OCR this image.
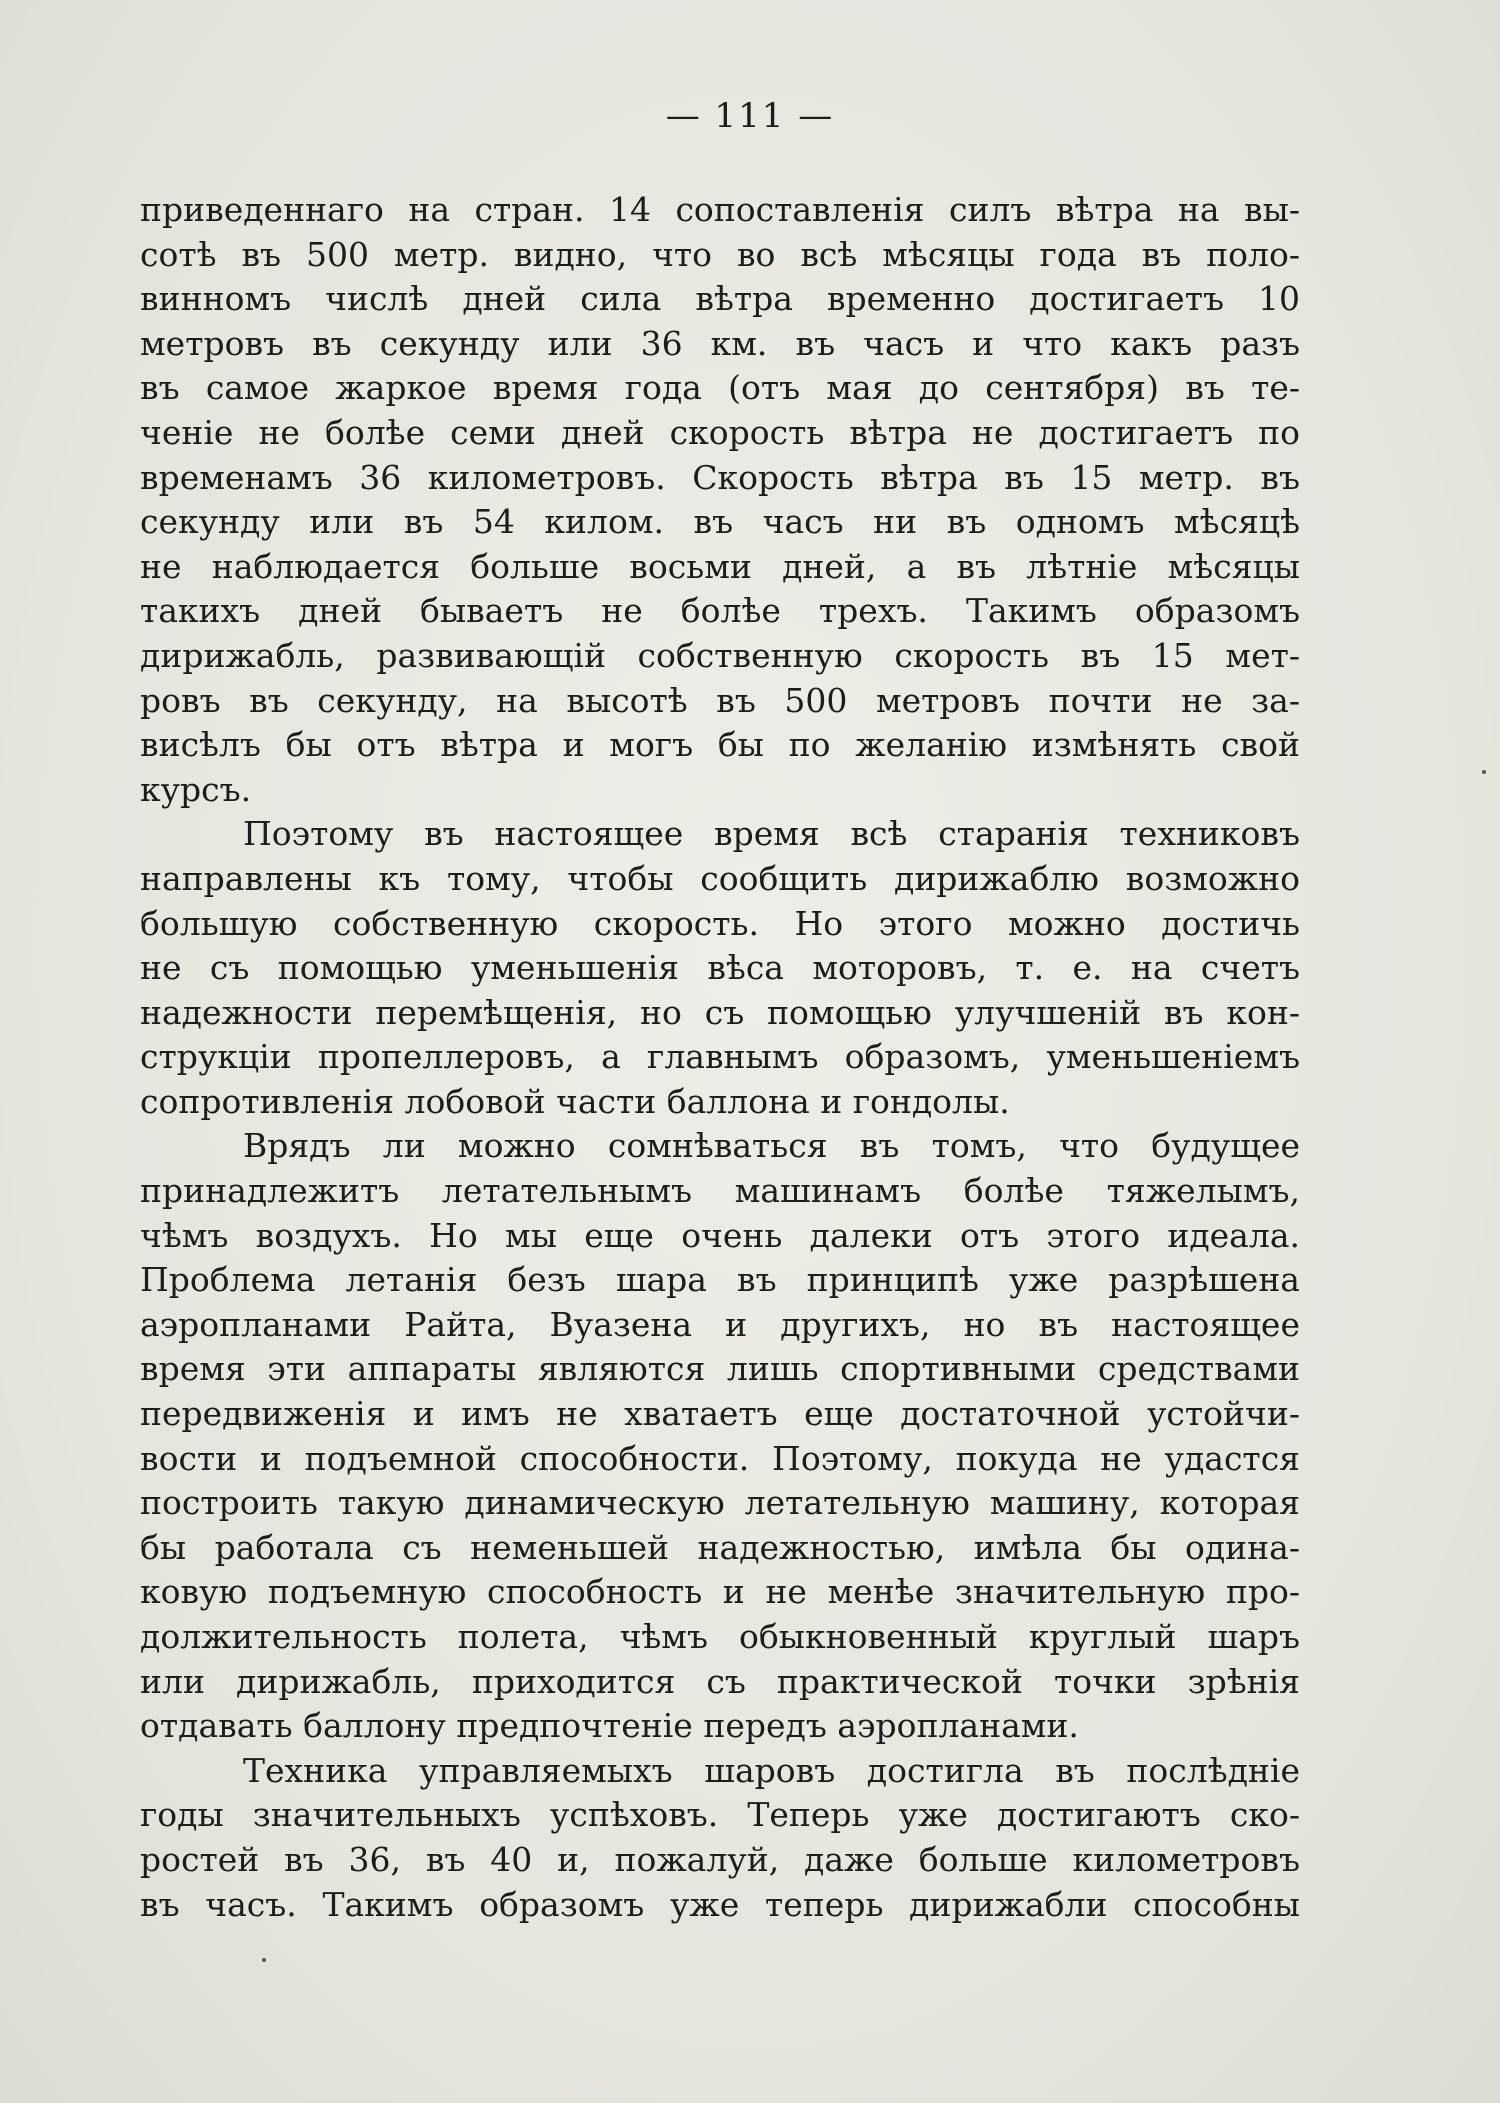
— 111 —
приведеннаго на стран. 14 сопоставленія силъ вѣтра на вы-
сотѣ въ 500 метр. видно, что во всѣ мѣсяцы года въ поло-
винномъ числѣ дней сила вѣтра временно достигаетъ 10
метровъ въ секунду или 36 км. въ часъ и что какъ разъ
въ самое жаркое время года (отъ мая до сентября) въ те-
ченіе не болѣе семи дней скорость вѣтра не достигаетъ по
временамъ 36 километровъ. Скорость вѣтра въ 15 метр. въ
секунду или въ 54 килом. въ часъ ни въ одномъ мѣсяцѣ
не наблюдается больше восьми дней, а въ лѣтніе мѣсяцы
такихъ дней бываетъ не болѣе трехъ. Такимъ образомъ
дирижабль, развивающій собственную скорость въ 15 мет-
ровъ въ секунду, на высотѣ въ 500 метровъ почти не за-
висѣлъ бы отъ вѣтра и могъ бы по желанію измѣнять свой
курсъ.
Поэтому въ настоящее время всѣ старанія техниковъ
направлены къ тому, чтобы сообщить дирижаблю возможно
большую собственную скорость. Но этого можно достичь
не съ помощью уменьшенія вѣса моторовъ, т. е. на счетъ
надежности перемѣщенія, но съ помощью улучшеній въ кон-
струкціи пропеллеровъ, а главнымъ образомъ, уменьшеніемъ
сопротивленія лобовой части баллона и гондолы.
Врядъ ли можно сомнѣваться въ томъ, что будущее
принадлежитъ летательнымъ машинамъ болѣе тяжелымъ,
чѣмъ воздухъ. Но мы еще очень далеки отъ этого идеала.
Проблема летанія безъ шара въ принципѣ уже разрѣшена
аэропланами Райта, Вуазена и другихъ, но въ настоящее
время эти аппараты являются лишь спортивными средствами
передвиженія и имъ не хватаетъ еще достаточной устойчи-
вости и подъемной способности. Поэтому, покуда не удастся
построить такую динамическую летательную машину, которая
бы работала съ неменьшей надежностью, имѣла бы одина-
ковую подъемную способность и не менѣе значительную про-
должительность полета, чѣмъ обыкновенный круглый шаръ
или дирижабль, приходится съ практической точки зрѣнія
отдавать баллону предпочтеніе передъ аэропланами.
Техника управляемыхъ шаровъ достигла въ послѣдніе
годы значительныхъ успѣховъ. Теперь уже достигаютъ ско-
ростей въ 36, въ 40 и, пожалуй, даже больше километровъ
въ часъ. Такимъ образомъ уже теперь дирижабли способны
